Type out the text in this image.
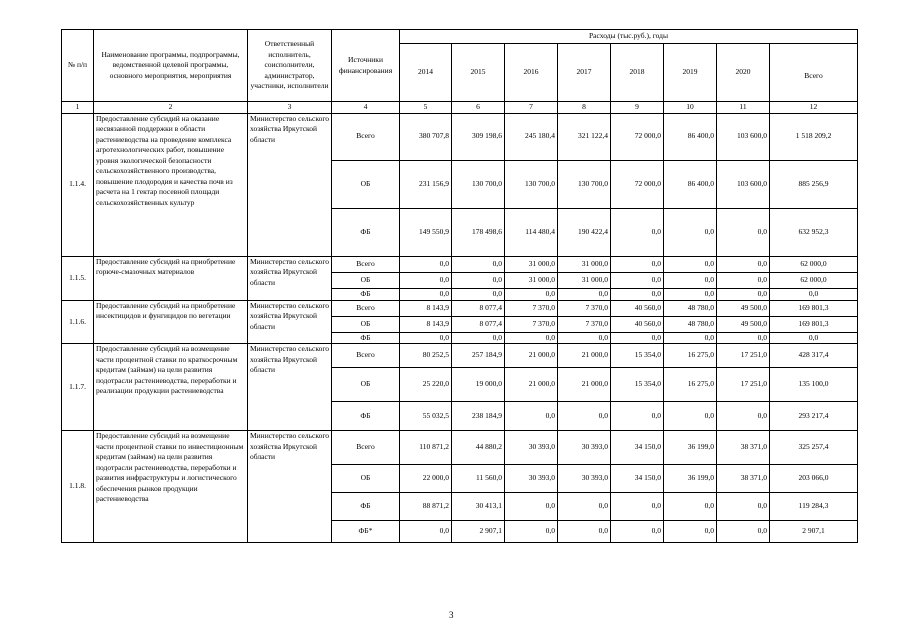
№ п/п	Наименование программы, подпрограммы, ведомственной целевой программы, основного мероприятия, мероприятия	Ответственный исполнитель, соисполнители, администратор, участники, исполнители	Источники финансирования	Расходы (тыс.руб.), годы							
				2014	2015	2016	2017	2018	2019	2020	Всего
1	2	3	4	5	6	7	8	9	10	11	12
1.1.4.	Предоставление субсидий на оказание несвязанной поддержки в области растениеводства на проведение комплекса агротехнологических работ, повышение уровня экологической безопасности сельскохозяйственного производства, повышение плодородия и качества почв из расчета на 1 гектар посевной площади сельскохозяйственных культур	Министерство сельского хозяйства Иркутской области	Всего	380 707,8	309 198,6	245 180,4	321 122,4	72 000,0	86 400,0	103 600,0	1 518 209,2
			ОБ	231 156,9	130 700,0	130 700,0	130 700,0	72 000,0	86 400,0	103 600,0	885 256,9
			ФБ	149 550,9	178 498,6	114 480,4	190 422,4	0,0	0,0	0,0	632 952,3
1.1.5.	Предоставление субсидий на приобретение горюче-смазочных материалов	Министерство сельского хозяйства Иркутской области	Всего	0,0	0,0	31 000,0	31 000,0	0,0	0,0	0,0	62 000,0
			ОБ	0,0	0,0	31 000,0	31 000,0	0,0	0,0	0,0	62 000,0
			ФБ	0,0	0,0	0,0	0,0	0,0	0,0	0,0	0,0
1.1.6.	Предоставление субсидий на приобретение инсектицидов и фунгицидов по вегетации	Министерство сельского хозяйства Иркутской области	Всего	8 143,9	8 077,4	7 370,0	7 370,0	40 560,0	48 780,0	49 500,0	169 801,3
			ОБ	8 143,9	8 077,4	7 370,0	7 370,0	40 560,0	48 780,0	49 500,0	169 801,3
			ФБ	0,0	0,0	0,0	0,0	0,0	0,0	0,0	0,0
1.1.7.	Предоставление субсидий на возмещение части процентной ставки по краткосрочным кредитам (займам) на цели развития подотрасли растениеводства, переработки и реализации продукции растениеводства	Министерство сельского хозяйства Иркутской области	Всего	80 252,5	257 184,9	21 000,0	21 000,0	15 354,0	16 275,0	17 251,0	428 317,4
			ОБ	25 220,0	19 000,0	21 000,0	21 000,0	15 354,0	16 275,0	17 251,0	135 100,0
			ФБ	55 032,5	238 184,9	0,0	0,0	0,0	0,0	0,0	293 217,4
1.1.8.	Предоставление субсидий на возмещение части процентной ставки по инвестиционным кредитам (займам) на цели развития подотрасли растениеводства, переработки и развития инфраструктуры и логистического обеспечения рынков продукции растениеводства	Министерство сельского хозяйства Иркутской области	Всего	110 871,2	44 880,2	30 393,0	30 393,0	34 150,0	36 199,0	38 371,0	325 257,4
			ОБ	22 000,0	11 560,0	30 393,0	30 393,0	34 150,0	36 199,0	38 371,0	203 066,0
			ФБ	88 871,2	30 413,1	0,0	0,0	0,0	0,0	0,0	119 284,3
			ФБ*	0,0	2 907,1	0,0	0,0	0,0	0,0	0,0	2 907,1
3
